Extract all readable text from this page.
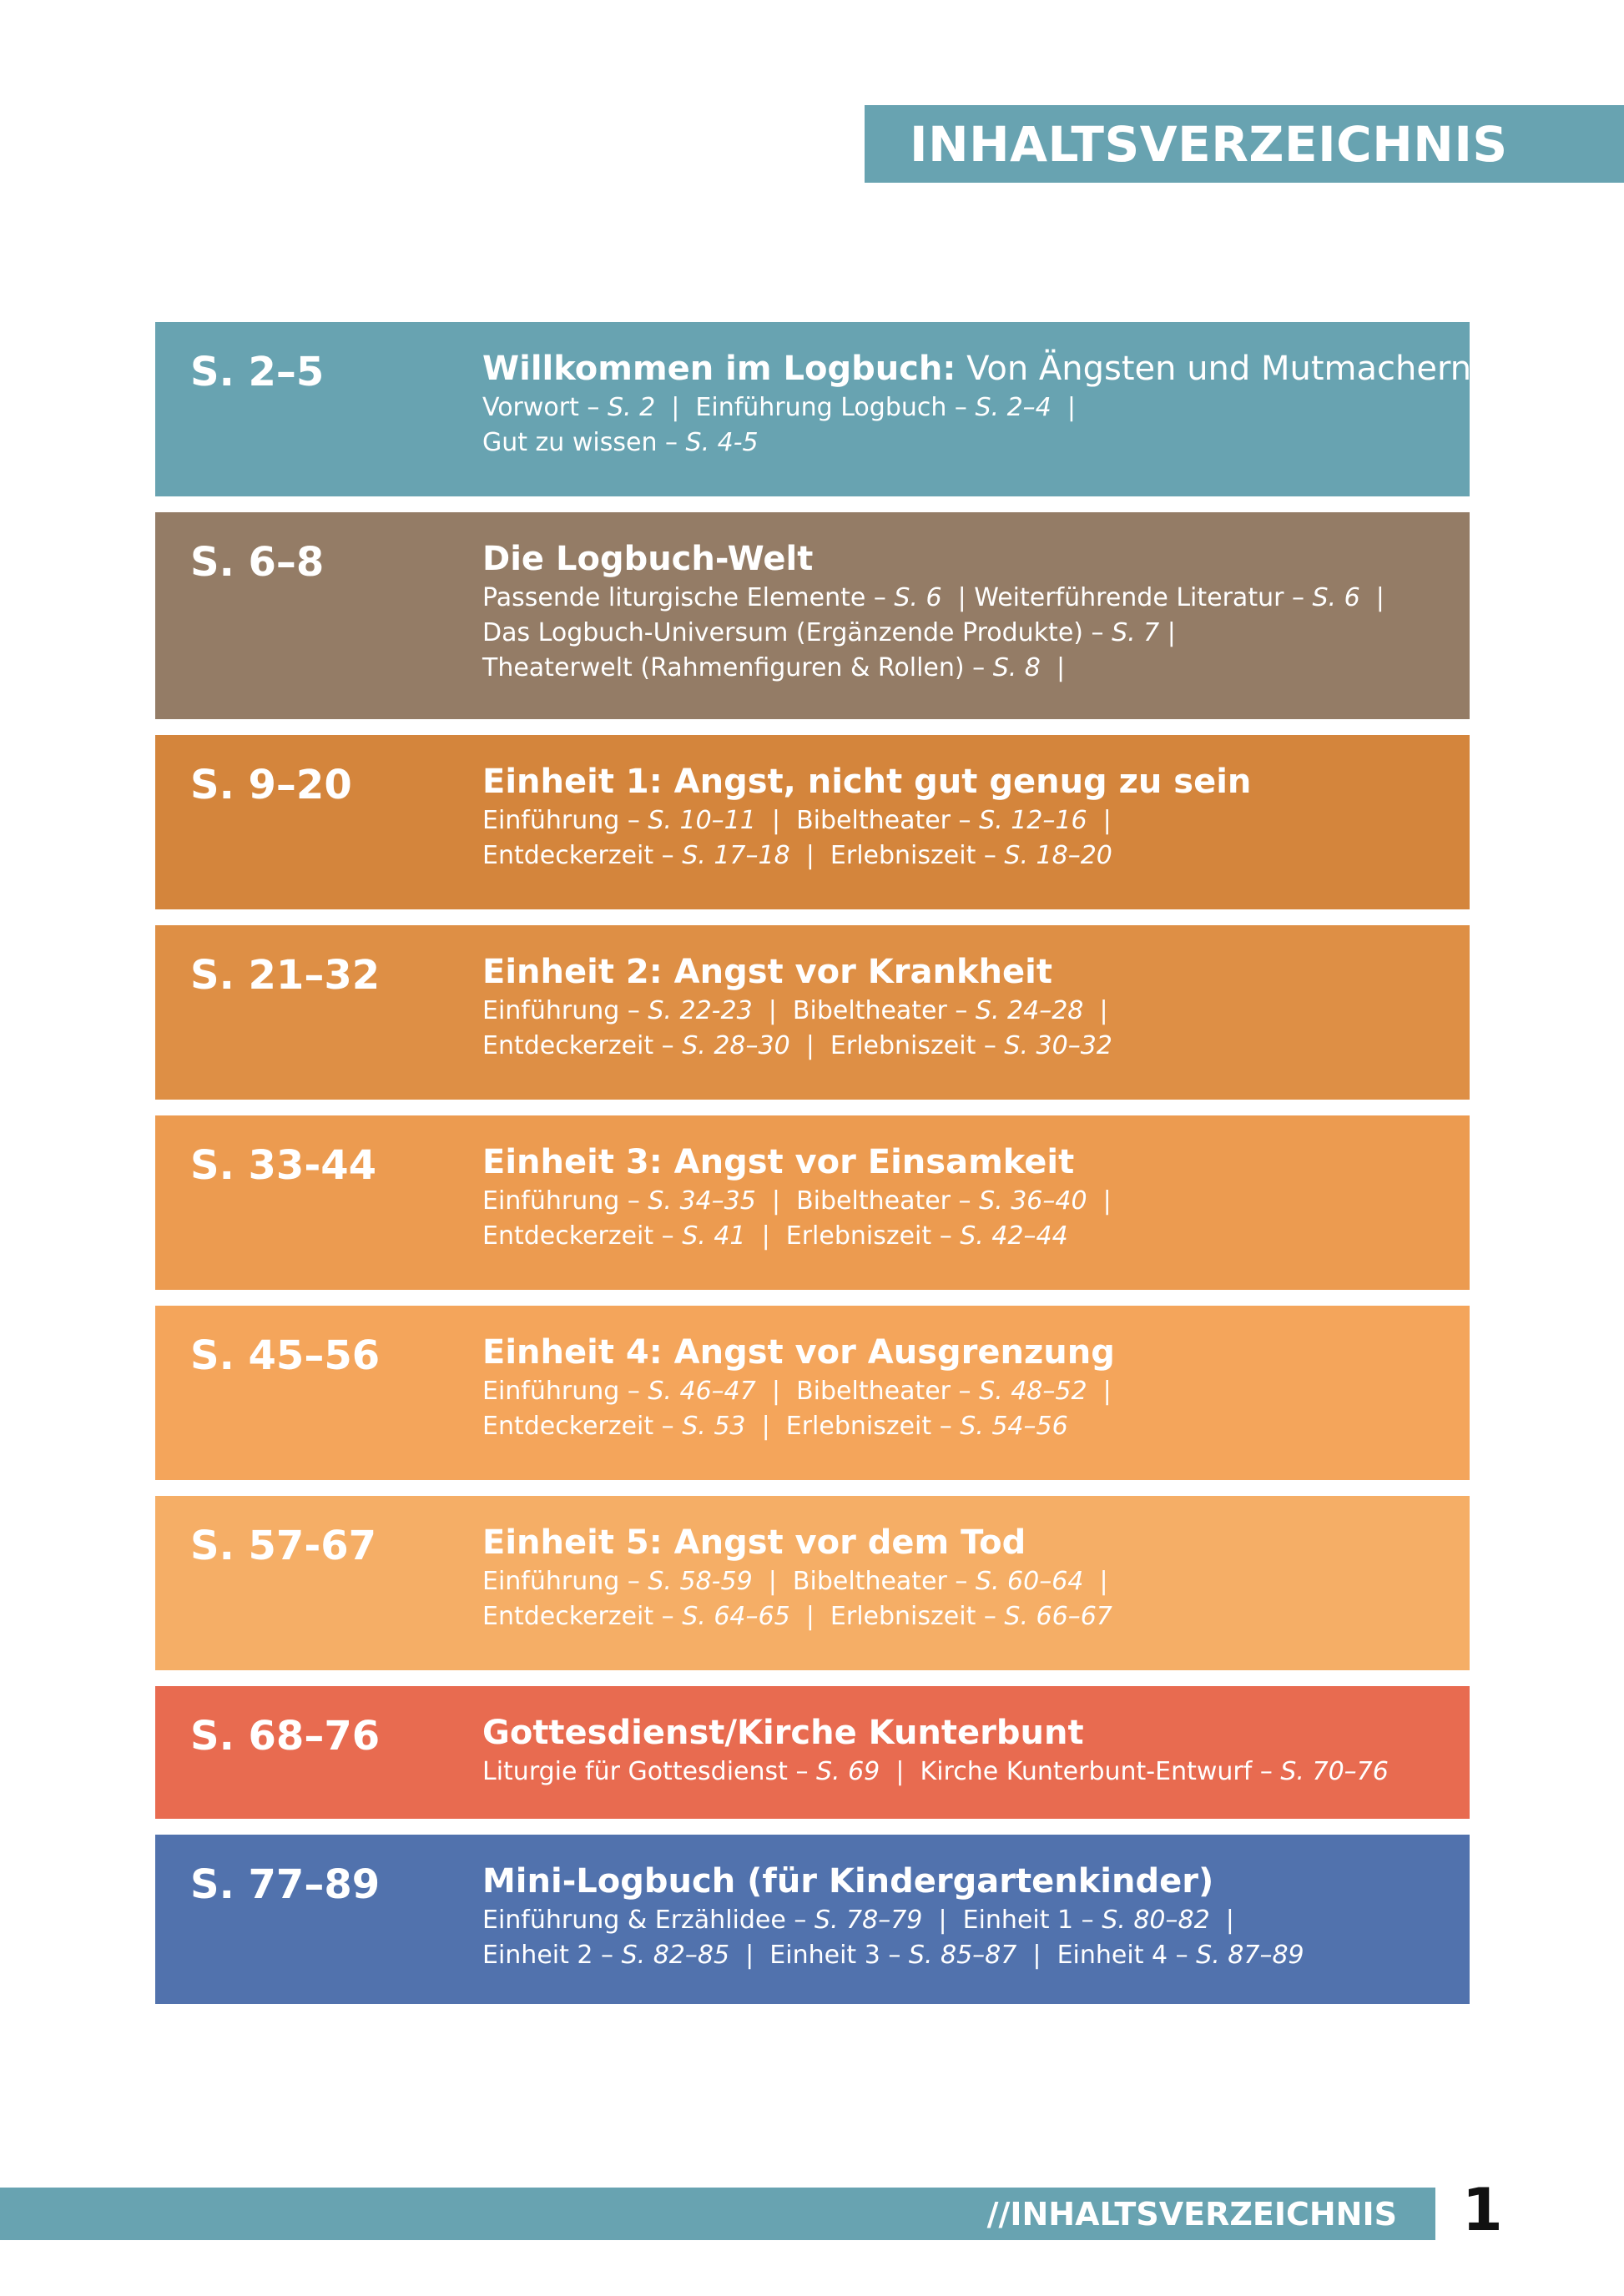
INHALTSVERZEICHNIS
S. 2–5	Willkommen im Logbuch: Von Ängsten und Mutmachern
Vorwort – S. 2  |  Einführung Logbuch – S. 2–4  |
Gut zu wissen – S. 4-5
S. 6–8	Die Logbuch-Welt
Passende liturgische Elemente – S. 6  | Weiterführende Literatur – S. 6  |
Das Logbuch-Universum (Ergänzende Produkte) – S. 7 |
Theaterwelt (Rahmenfiguren & Rollen) – S. 8  |
S. 9–20	Einheit 1: Angst, nicht gut genug zu sein
Einführung – S. 10–11  |  Bibeltheater – S. 12–16  |
Entdeckerzeit – S. 17–18  |  Erlebniszeit – S. 18–20
S. 21–32	Einheit 2: Angst vor Krankheit
Einführung – S. 22-23  |  Bibeltheater – S. 24–28  |
Entdeckerzeit – S. 28–30  |  Erlebniszeit – S. 30–32
S. 33-44	Einheit 3: Angst vor Einsamkeit
Einführung – S. 34–35  |  Bibeltheater – S. 36–40  |
Entdeckerzeit – S. 41  |  Erlebniszeit – S. 42–44
S. 45–56	Einheit 4: Angst vor Ausgrenzung
Einführung – S. 46–47  |  Bibeltheater – S. 48–52  |
Entdeckerzeit – S. 53  |  Erlebniszeit – S. 54–56
S. 57-67	Einheit 5: Angst vor dem Tod
Einführung – S. 58-59  |  Bibeltheater – S. 60–64  |
Entdeckerzeit – S. 64–65  |  Erlebniszeit – S. 66–67
S. 68–76	Gottesdienst/Kirche Kunterbunt
Liturgie für Gottesdienst – S. 69  |  Kirche Kunterbunt-Entwurf – S. 70–76
S. 77–89	Mini-Logbuch (für Kindergartenkinder)
Einführung & Erzählidee – S. 78–79  |  Einheit 1 – S. 80–82  |
Einheit 2 – S. 82–85  |  Einheit 3 – S. 85–87  |  Einheit 4 – S. 87–89
//INHALTSVERZEICHNIS 1
